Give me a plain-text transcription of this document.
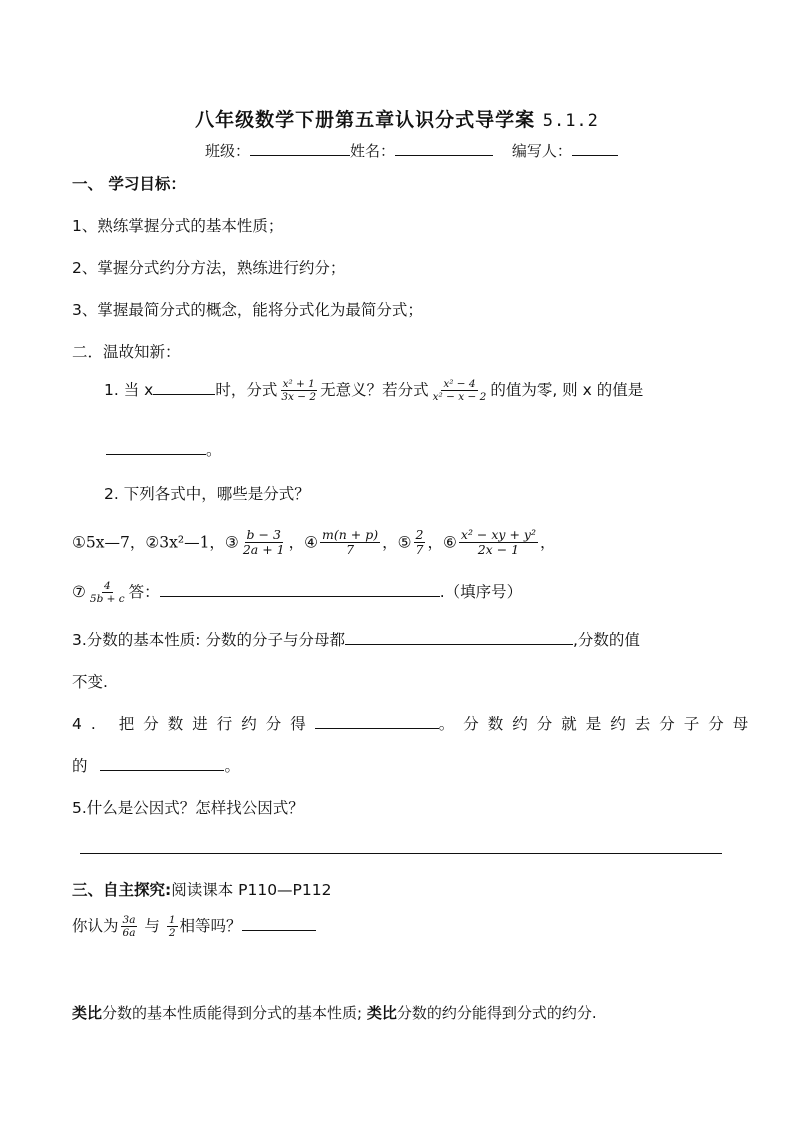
八年级数学下册第五章认识分式导学案 5.1.2
班级：	姓名：	编写人：
一、 学习目标：
1、熟练掌握分式的基本性质；
2、掌握分式约分方法，熟练进行约分；
3、掌握最简分式的概念，能将分式化为最简分式；
二．温故知新：
1. 当 x	时，分式 $\frac{\text{x² + 1}}{3x - 2}$ 无意义？若分式 $\frac{\text{x² − 4}}{\text{x² − x − 2}}$ 的值为零, 则 x 的值是
。
2. 下列各式中，哪些是分式？
①5x—7，②3x²—1，③ $\frac{b - 3}{2a + 1}$ ，④ $\frac{m(n + p)}{7}$ ，⑤ $\frac{2}{7}$ ，⑥ $\frac{\text{x² − xy + y²}}{2x - 1}$ ，
⑦ $\frac{4}{5b + c}$ 答：	.（填序号）
3.分数的基本性质: 分数的分子与分母都	,分数的值
不变.
4. 把分数进行约分得	。分数约分就是约去分子分母
的	。
5.什么是公因式？怎样找公因式？
三、自主探究:阅读课本 P110—P112
你认为 $\frac{3a}{6a}$ 与 $\frac{1}{2}$ 相等吗？
类比分数的基本性质能得到分式的基本性质; 类比分数的约分能得到分式的约分.
